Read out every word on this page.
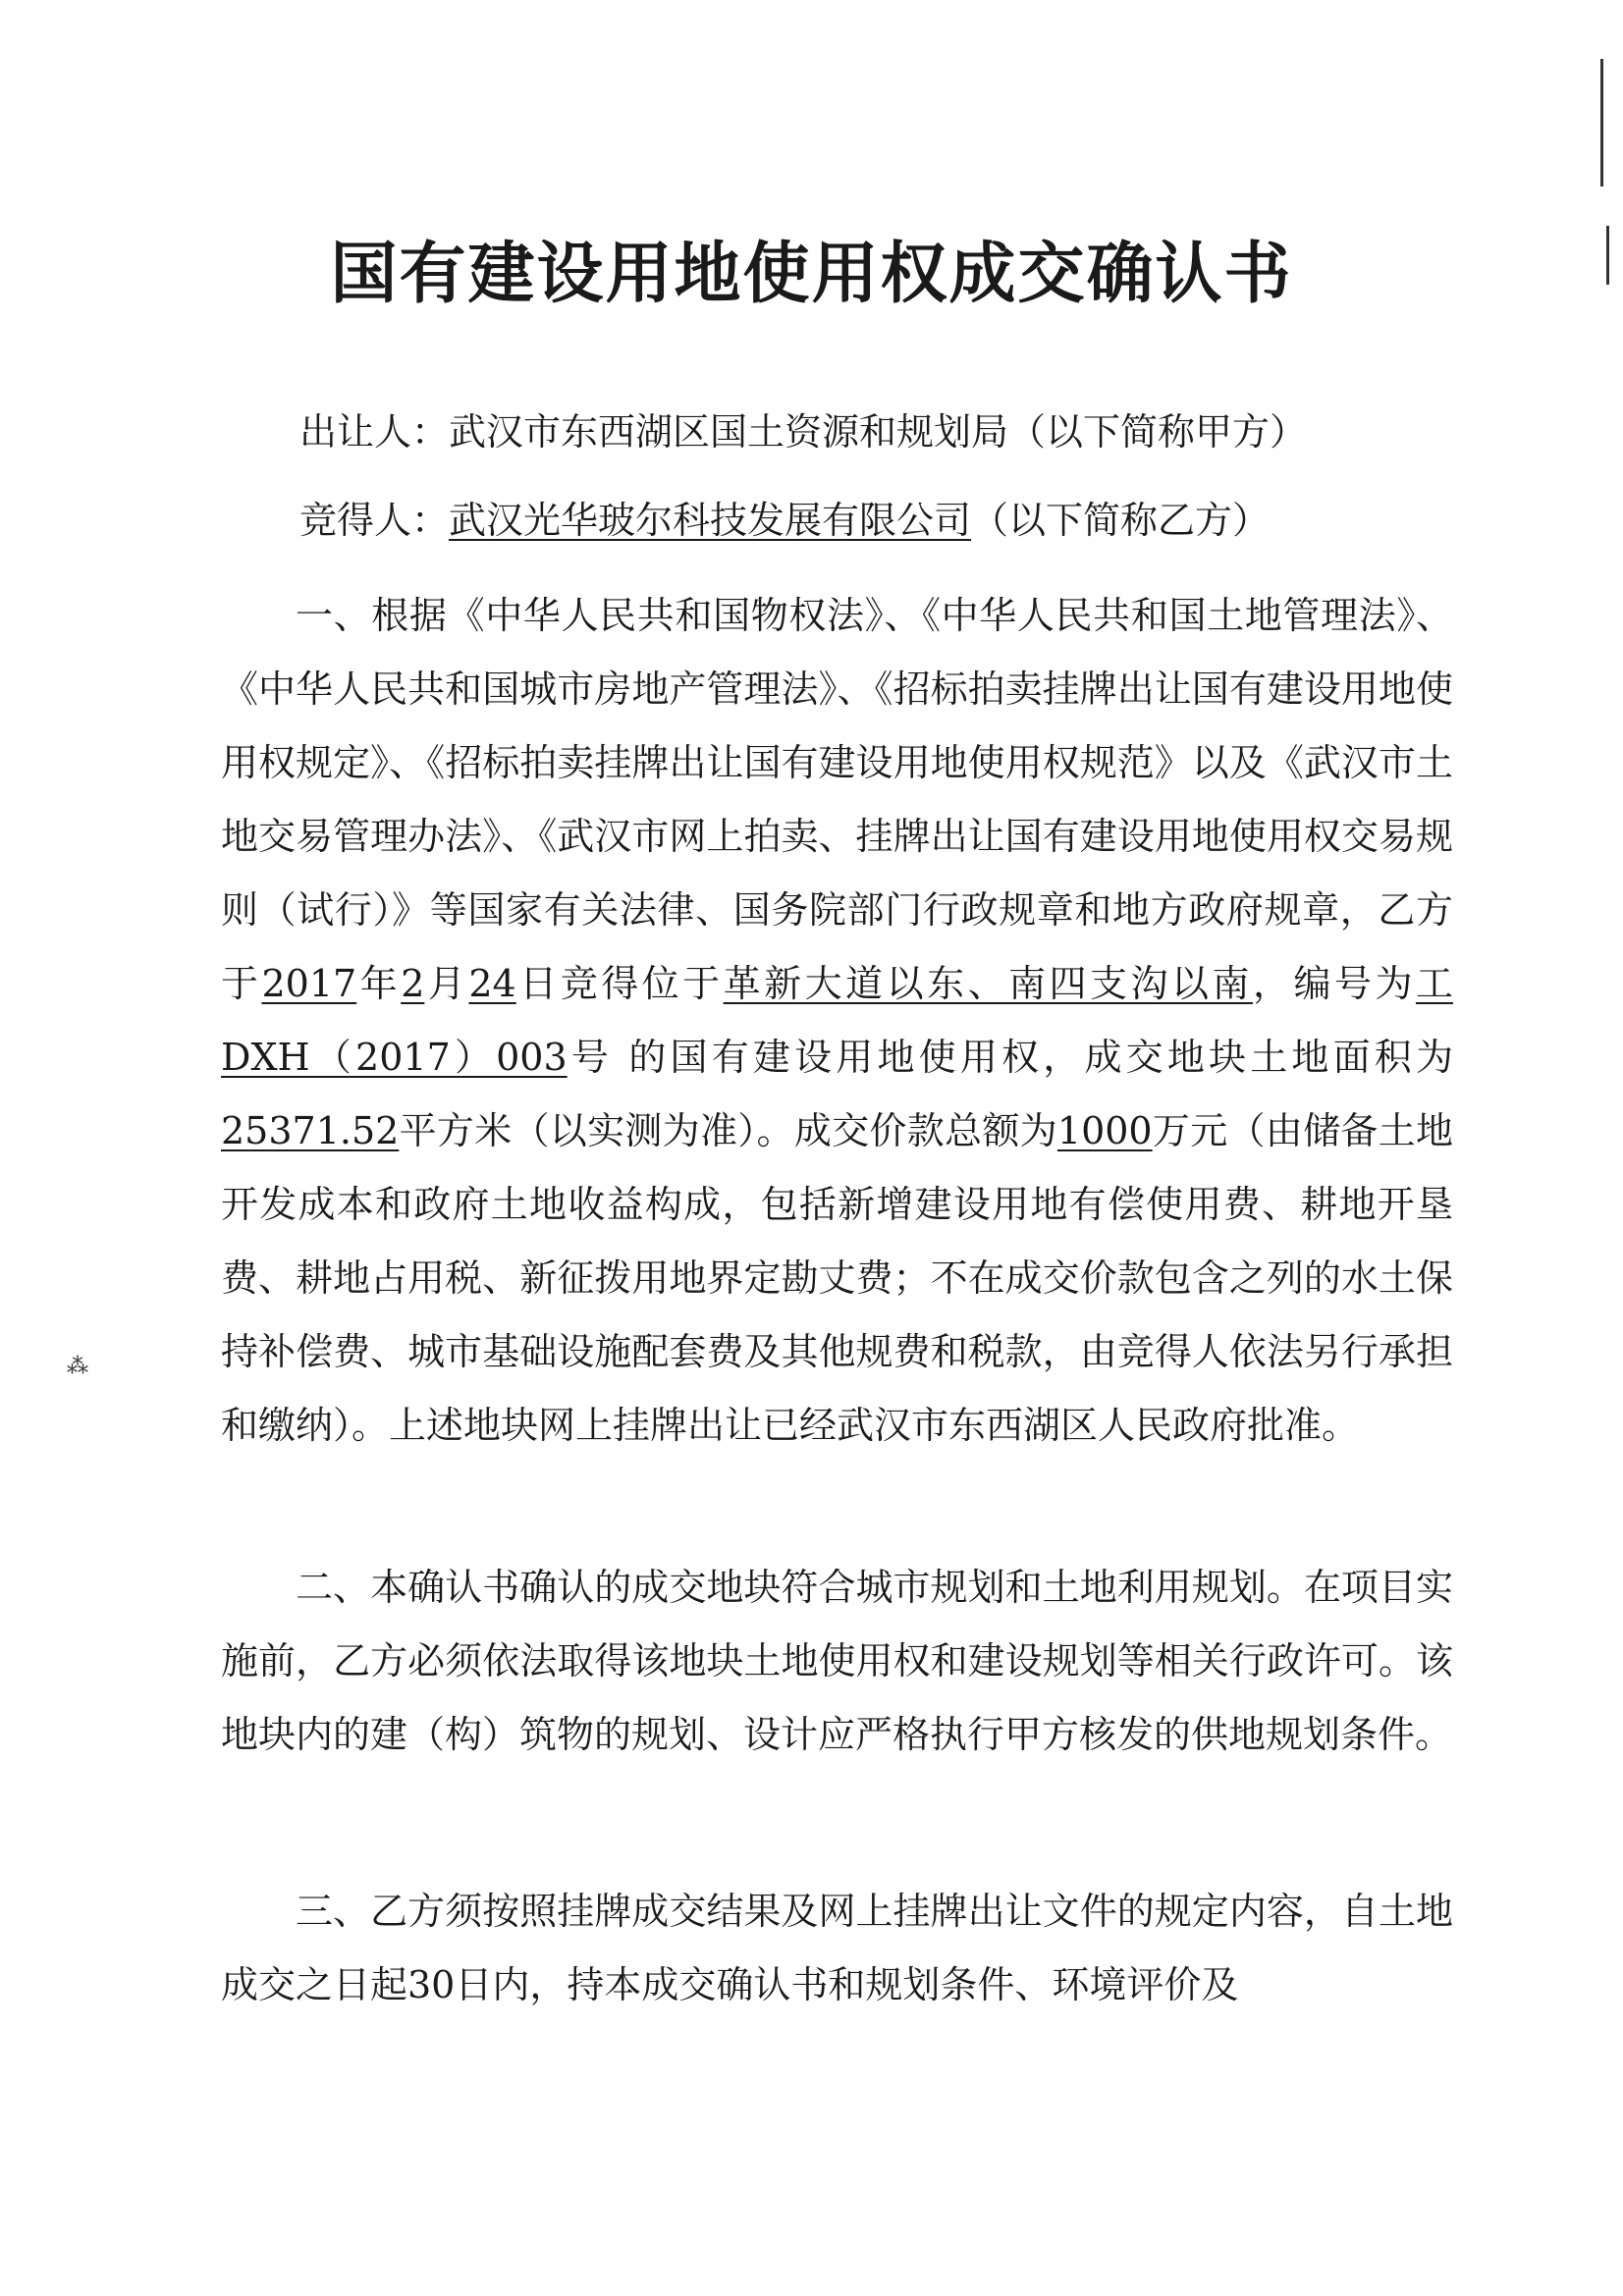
国有建设用地使用权成交确认书
出让人：武汉市东西湖区国土资源和规划局（以下简称甲方）
竞得人：武汉光华玻尔科技发展有限公司（以下简称乙方）

一、根据《中华人民共和国物权法》、《中华人民共和国土地管理法》、《中华人民共和国城市房地产管理法》、《招标拍卖挂牌出让国有建设用地使用权规定》、《招标拍卖挂牌出让国有建设用地使用权规范》以及《武汉市土地交易管理办法》、《武汉市网上拍卖、挂牌出让国有建设用地使用权交易规则（试行）》等国家有关法律、国务院部门行政规章和地方政府规章，乙方于2017年2月24日竞得位于革新大道以东、南四支沟以南，编号为工 DXH（2017）003号 的国有建设用地使用权，成交地块土地面积为25371.52平方米（以实测为准）。成交价款总额为1000万元（由储备土地开发成本和政府土地收益构成，包括新增建设用地有偿使用费、耕地开垦费、耕地占用税、新征拨用地界定勘丈费；不在成交价款包含之列的水土保持补偿费、城市基础设施配套费及其他规费和税款，由竞得人依法另行承担和缴纳）。上述地块网上挂牌出让已经武汉市东西湖区人民政府批准。

二、本确认书确认的成交地块符合城市规划和土地利用规划。在项目实施前，乙方必须依法取得该地块土地使用权和建设规划等相关行政许可。该地块内的建（构）筑物的规划、设计应严格执行甲方核发的供地规划条件。

三、乙方须按照挂牌成交结果及网上挂牌出让文件的规定内容，自土地成交之日起30日内，持本成交确认书和规划条件、环境评价及

⁂
